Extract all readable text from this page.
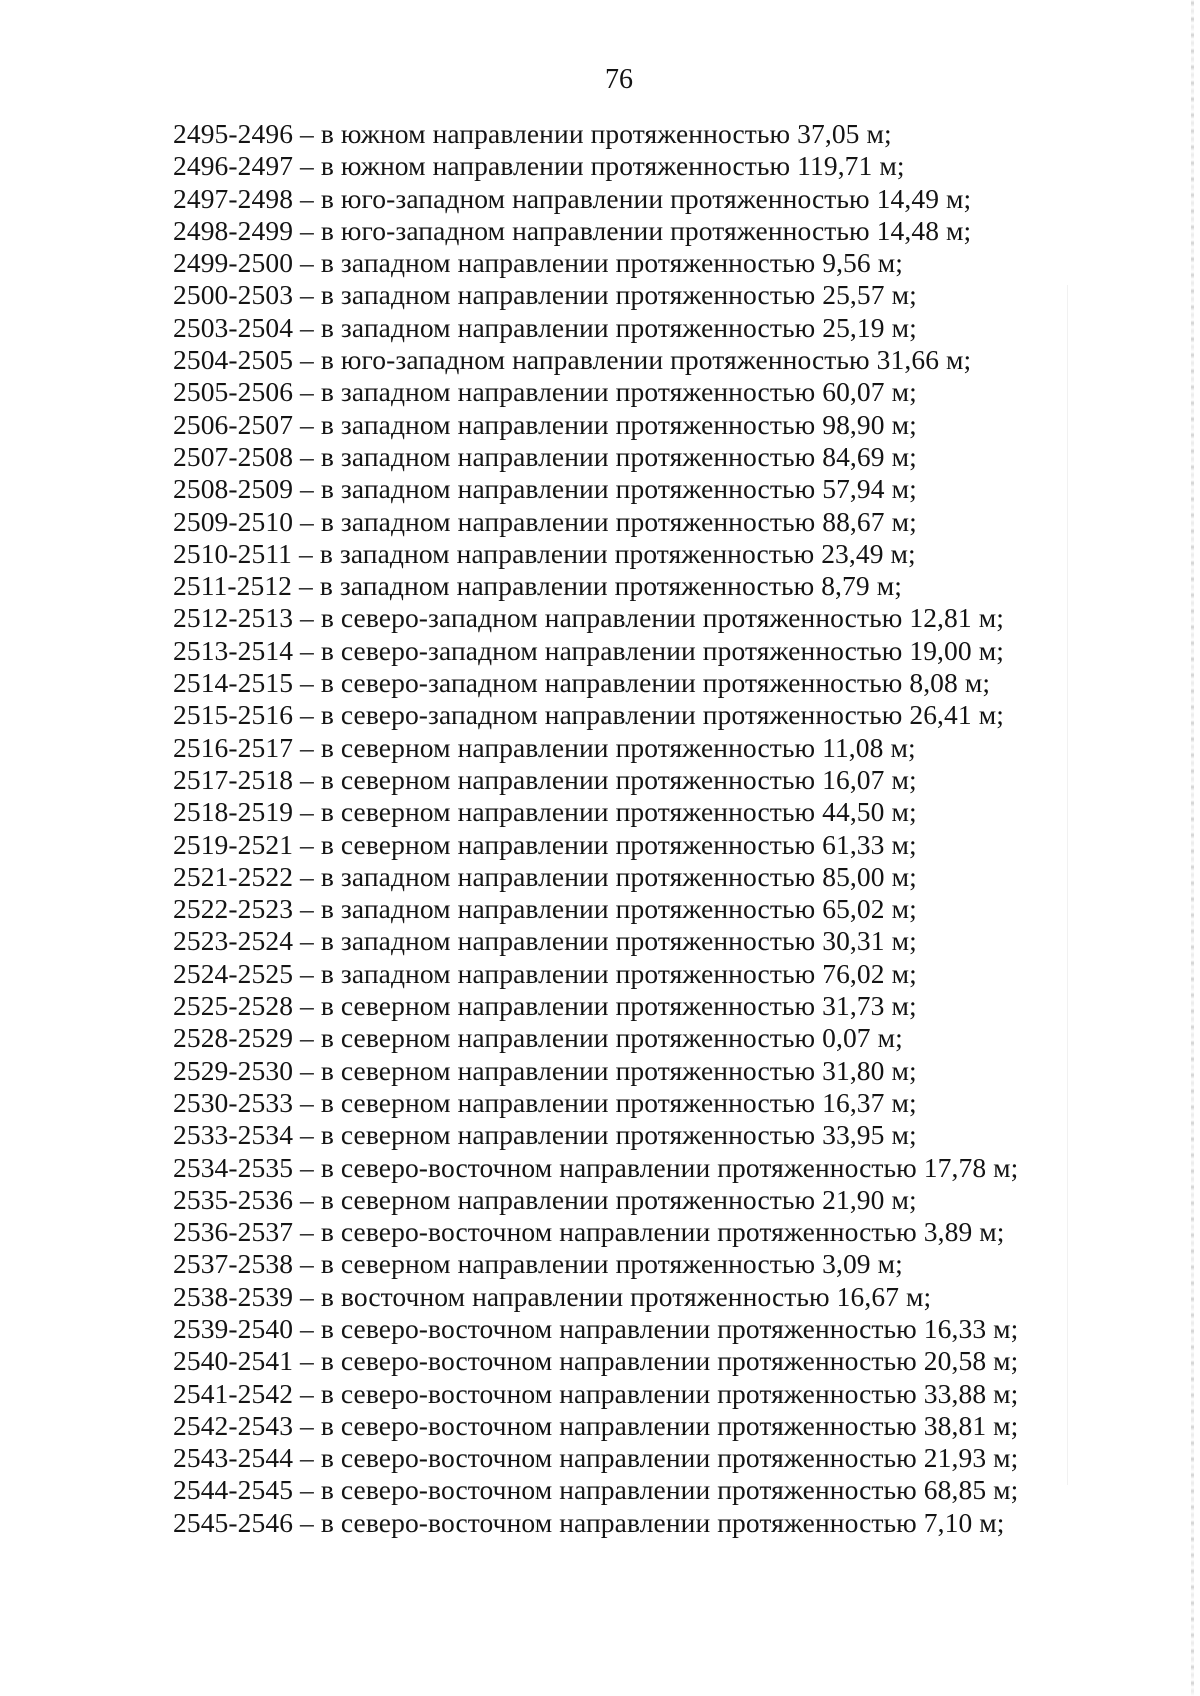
76
2495-2496 – в южном направлении протяженностью 37,05 м;
2496-2497 – в южном направлении протяженностью 119,71 м;
2497-2498 – в юго-западном направлении протяженностью 14,49 м;
2498-2499 – в юго-западном направлении протяженностью 14,48 м;
2499-2500 – в западном направлении протяженностью 9,56 м;
2500-2503 – в западном направлении протяженностью 25,57 м;
2503-2504 – в западном направлении протяженностью 25,19 м;
2504-2505 – в юго-западном направлении протяженностью 31,66 м;
2505-2506 – в западном направлении протяженностью 60,07 м;
2506-2507 – в западном направлении протяженностью 98,90 м;
2507-2508 – в западном направлении протяженностью 84,69 м;
2508-2509 – в западном направлении протяженностью 57,94 м;
2509-2510 – в западном направлении протяженностью 88,67 м;
2510-2511 – в западном направлении протяженностью 23,49 м;
2511-2512 – в западном направлении протяженностью 8,79 м;
2512-2513 – в северо-западном направлении протяженностью 12,81 м;
2513-2514 – в северо-западном направлении протяженностью 19,00 м;
2514-2515 – в северо-западном направлении протяженностью 8,08 м;
2515-2516 – в северо-западном направлении протяженностью 26,41 м;
2516-2517 – в северном направлении протяженностью 11,08 м;
2517-2518 – в северном направлении протяженностью 16,07 м;
2518-2519 – в северном направлении протяженностью 44,50 м;
2519-2521 – в северном направлении протяженностью 61,33 м;
2521-2522 – в западном направлении протяженностью 85,00 м;
2522-2523 – в западном направлении протяженностью 65,02 м;
2523-2524 – в западном направлении протяженностью 30,31 м;
2524-2525 – в западном направлении протяженностью 76,02 м;
2525-2528 – в северном направлении протяженностью 31,73 м;
2528-2529 – в северном направлении протяженностью 0,07 м;
2529-2530 – в северном направлении протяженностью 31,80 м;
2530-2533 – в северном направлении протяженностью 16,37 м;
2533-2534 – в северном направлении протяженностью 33,95 м;
2534-2535 – в северо-восточном направлении протяженностью 17,78 м;
2535-2536 – в северном направлении протяженностью 21,90 м;
2536-2537 – в северо-восточном направлении протяженностью 3,89 м;
2537-2538 – в северном направлении протяженностью 3,09 м;
2538-2539 – в восточном направлении протяженностью 16,67 м;
2539-2540 – в северо-восточном направлении протяженностью 16,33 м;
2540-2541 – в северо-восточном направлении протяженностью 20,58 м;
2541-2542 – в северо-восточном направлении протяженностью 33,88 м;
2542-2543 – в северо-восточном направлении протяженностью 38,81 м;
2543-2544 – в северо-восточном направлении протяженностью 21,93 м;
2544-2545 – в северо-восточном направлении протяженностью 68,85 м;
2545-2546 – в северо-восточном направлении протяженностью 7,10 м;
